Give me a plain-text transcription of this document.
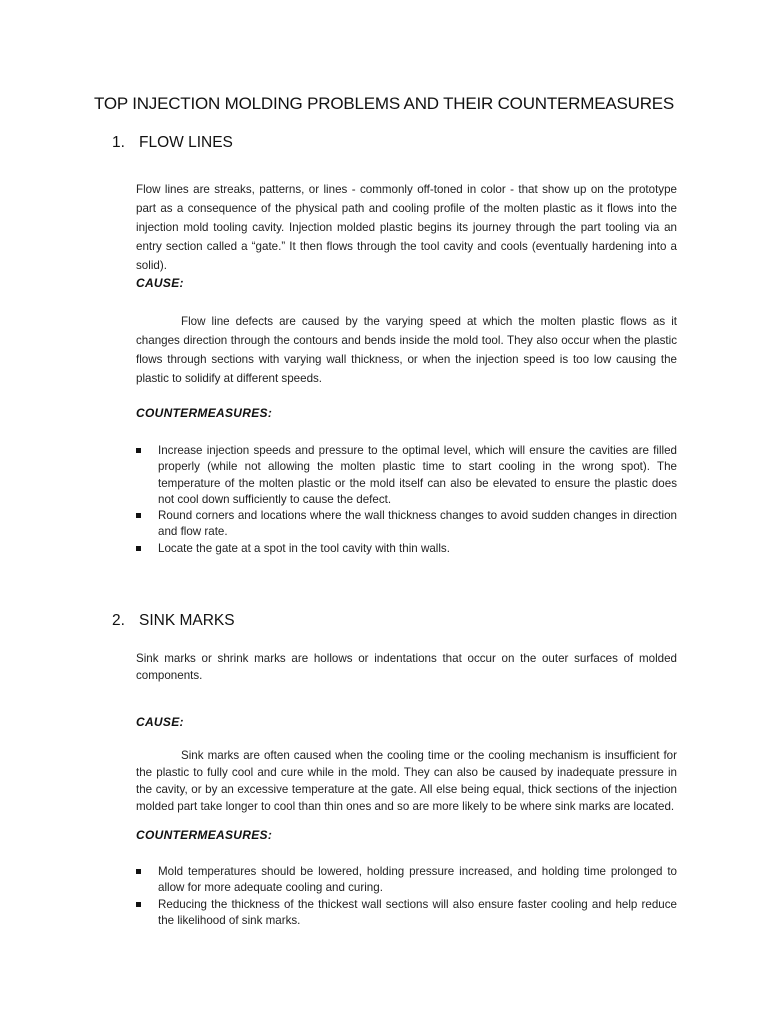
TOP INJECTION MOLDING PROBLEMS AND THEIR COUNTERMEASURES
1. FLOW LINES
Flow lines are streaks, patterns, or lines - commonly off-toned in color - that show up on the prototype part as a consequence of the physical path and cooling profile of the molten plastic as it flows into the injection mold tooling cavity. Injection molded plastic begins its journey through the part tooling via an entry section called a “gate.” It then flows through the tool cavity and cools (eventually hardening into a solid).
CAUSE:
Flow line defects are caused by the varying speed at which the molten plastic flows as it changes direction through the contours and bends inside the mold tool. They also occur when the plastic flows through sections with varying wall thickness, or when the injection speed is too low causing the plastic to solidify at different speeds.
COUNTERMEASURES:
Increase injection speeds and pressure to the optimal level, which will ensure the cavities are filled properly (while not allowing the molten plastic time to start cooling in the wrong spot). The temperature of the molten plastic or the mold itself can also be elevated to ensure the plastic does not cool down sufficiently to cause the defect.
Round corners and locations where the wall thickness changes to avoid sudden changes in direction and flow rate.
Locate the gate at a spot in the tool cavity with thin walls.
2. SINK MARKS
Sink marks or shrink marks are hollows or indentations that occur on the outer surfaces of molded components.
CAUSE:
Sink marks are often caused when the cooling time or the cooling mechanism is insufficient for the plastic to fully cool and cure while in the mold. They can also be caused by inadequate pressure in the cavity, or by an excessive temperature at the gate. All else being equal, thick sections of the injection molded part take longer to cool than thin ones and so are more likely to be where sink marks are located.
COUNTERMEASURES:
Mold temperatures should be lowered, holding pressure increased, and holding time prolonged to allow for more adequate cooling and curing.
Reducing the thickness of the thickest wall sections will also ensure faster cooling and help reduce the likelihood of sink marks.
